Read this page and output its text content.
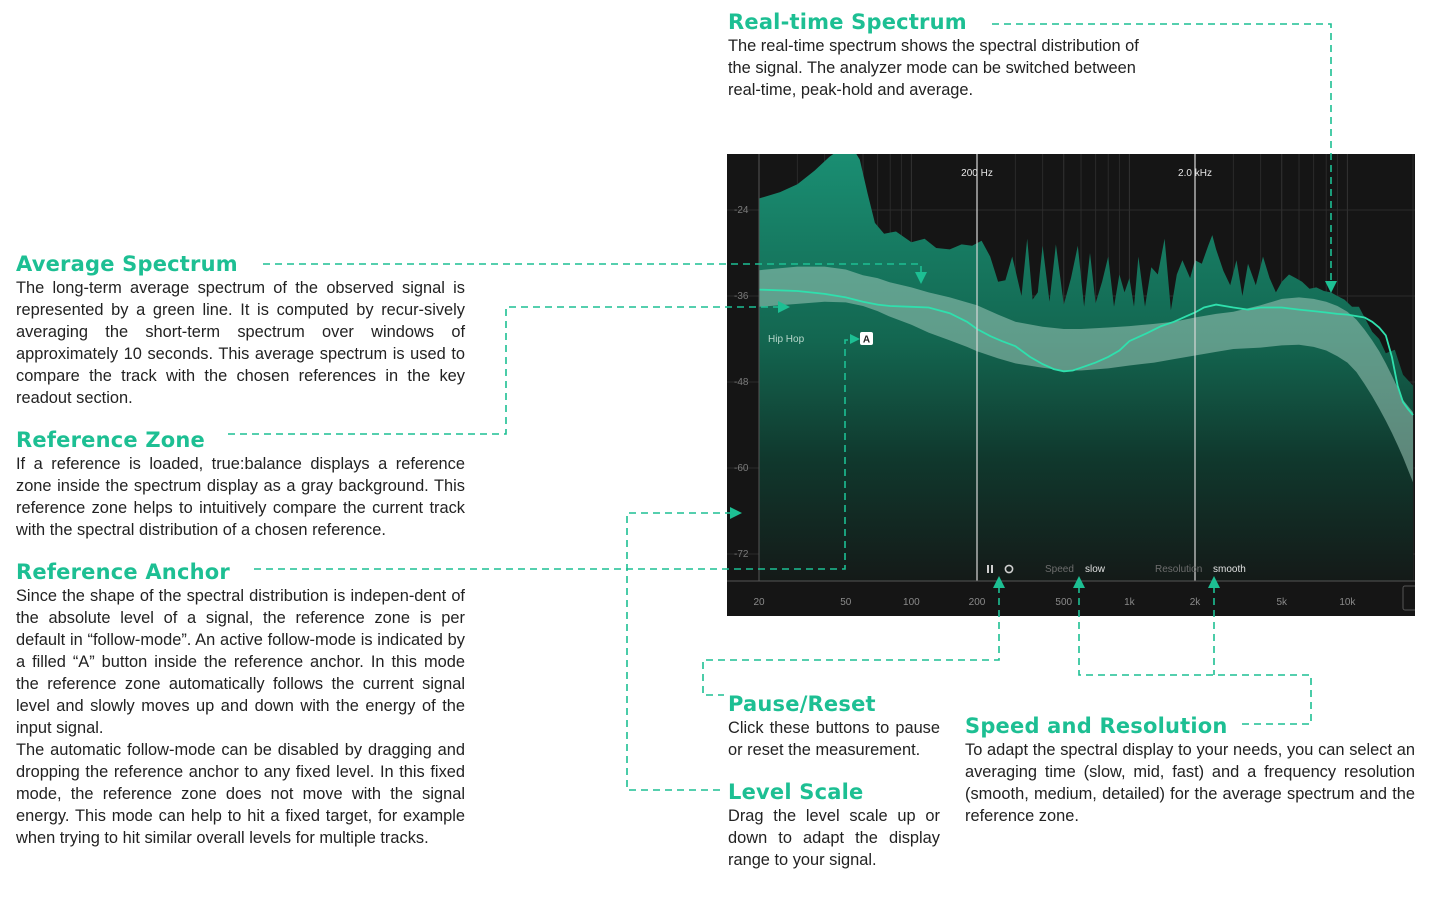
Real-time Spectrum

The real-time spectrum shows the spectral distribution of

the signal. The analyzer mode can be switched between

real-time, peak-hold and average.

Average Spectrum

The long-term average spectrum of the observed signal is represented by a green line. It is computed by recur-sively averaging the short-term spectrum over windows of approximately 10 seconds. This average spectrum is used to compare the track with the chosen references in the key readout section.

Reference Zone

If a reference is loaded, true:balance displays a reference zone inside the spectrum display as a gray background. This reference zone helps to intuitively compare the current track with the spectral distribution of a chosen reference.

Reference Anchor

Since the shape of the spectral distribution is indepen-dent of the absolute level of a signal, the reference zone is per default in “follow-mode”. An active follow-mode is indicated by a filled “A” button inside the reference anchor. In this mode the reference zone automatically follows the current signal level and slowly moves up and down with the energy of the input signal.

The automatic follow-mode can be disabled by dragging and dropping the reference anchor to any fixed level. In this fixed mode, the reference zone does not move with the signal energy. This mode can help to hit a fixed target, for example when trying to hit similar overall levels for multiple tracks.

Pause/Reset

Click these buttons to pause or reset the measurement.

Level Scale

Drag the level scale up or down to adapt the display range to your signal.

Speed and Resolution

To adapt the spectral display to your needs, you can select an averaging time (slow, mid, fast) and a frequency resolution (smooth, medium, detailed) for the average spectrum and the reference zone.

200 Hz	2.0 kHz
-24
-36
-48
-60
-72
20	50	100	200	500	1k	2k	5k	10k
Hip Hop	A
Speed slow	Resolution smooth
